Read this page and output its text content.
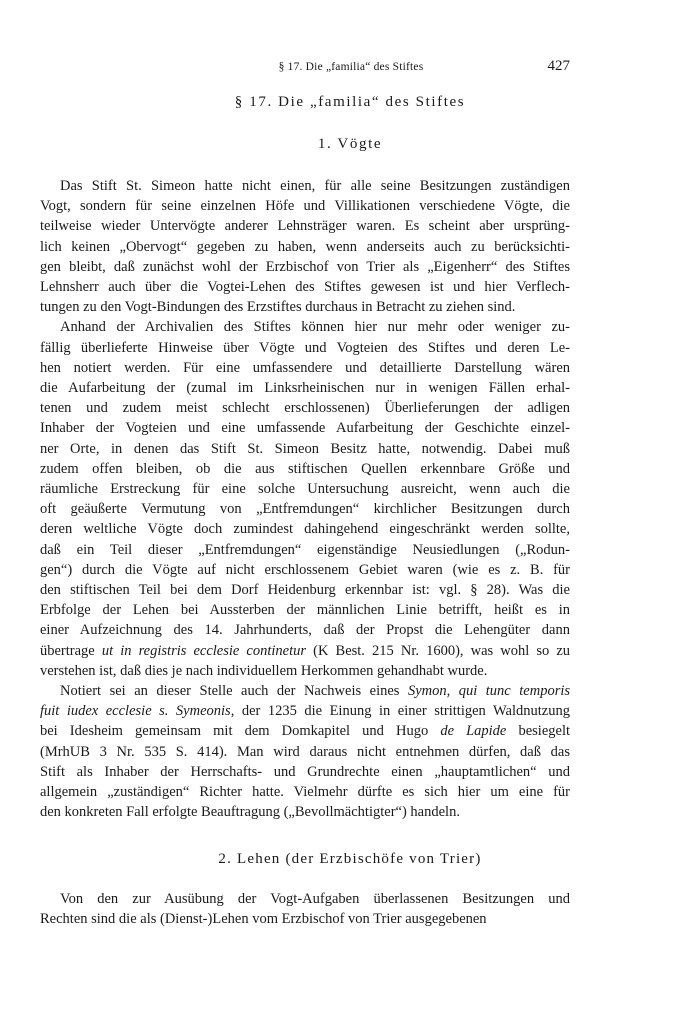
§ 17. Die „familia“ des Stiftes	427
§ 17. Die „familia“ des Stiftes
1. Vögte

Das Stift St. Simeon hatte nicht einen, für alle seine Besitzungen zuständigen
Vogt, sondern für seine einzelnen Höfe und Villikationen verschiedene Vögte, die
teilweise wieder Untervögte anderer Lehnsträger waren. Es scheint aber ursprüng-
lich keinen „Obervogt“ gegeben zu haben, wenn anderseits auch zu berücksichti-
gen bleibt, daß zunächst wohl der Erzbischof von Trier als „Eigenherr“ des Stiftes
Lehnsherr auch über die Vogtei-Lehen des Stiftes gewesen ist und hier Verflech-
tungen zu den Vogt-Bindungen des Erzstiftes durchaus in Betracht zu ziehen sind.

Anhand der Archivalien des Stiftes können hier nur mehr oder weniger zu-
fällig überlieferte Hinweise über Vögte und Vogteien des Stiftes und deren Le-
hen notiert werden. Für eine umfassendere und detaillierte Darstellung wären
die Aufarbeitung der (zumal im Linksrheinischen nur in wenigen Fällen erhal-
tenen und zudem meist schlecht erschlossenen) Überlieferungen der adligen
Inhaber der Vogteien und eine umfassende Aufarbeitung der Geschichte einzel-
ner Orte, in denen das Stift St. Simeon Besitz hatte, notwendig. Dabei muß
zudem offen bleiben, ob die aus stiftischen Quellen erkennbare Größe und
räumliche Erstreckung für eine solche Untersuchung ausreicht, wenn auch die
oft geäußerte Vermutung von „Entfremdungen“ kirchlicher Besitzungen durch
deren weltliche Vögte doch zumindest dahingehend eingeschränkt werden sollte,
daß ein Teil dieser „Entfremdungen“ eigenständige Neusiedlungen („Rodun-
gen“) durch die Vögte auf nicht erschlossenem Gebiet waren (wie es z. B. für
den stiftischen Teil bei dem Dorf Heidenburg erkennbar ist: vgl. § 28). Was die
Erbfolge der Lehen bei Aussterben der männlichen Linie betrifft, heißt es in
einer Aufzeichnung des 14. Jahrhunderts, daß der Propst die Lehengüter dann
übertrage ut in registris ecclesie continetur (K Best. 215 Nr. 1600), was wohl so zu
verstehen ist, daß dies je nach individuellem Herkommen gehandhabt wurde.

Notiert sei an dieser Stelle auch der Nachweis eines Symon, qui tunc temporis
fuit iudex ecclesie s. Symeonis, der 1235 die Einung in einer strittigen Waldnutzung
bei Idesheim gemeinsam mit dem Domkapitel und Hugo de Lapide besiegelt
(MrhUB 3 Nr. 535 S. 414). Man wird daraus nicht entnehmen dürfen, daß das
Stift als Inhaber der Herrschafts- und Grundrechte einen „hauptamtlichen“ und
allgemein „zuständigen“ Richter hatte. Vielmehr dürfte es sich hier um eine für
den konkreten Fall erfolgte Beauftragung („Bevollmächtigter“) handeln.

2. Lehen (der Erzbischöfe von Trier)

Von den zur Ausübung der Vogt-Aufgaben überlassenen Besitzungen und
Rechten sind die als (Dienst-)Lehen vom Erzbischof von Trier ausgegebenen
